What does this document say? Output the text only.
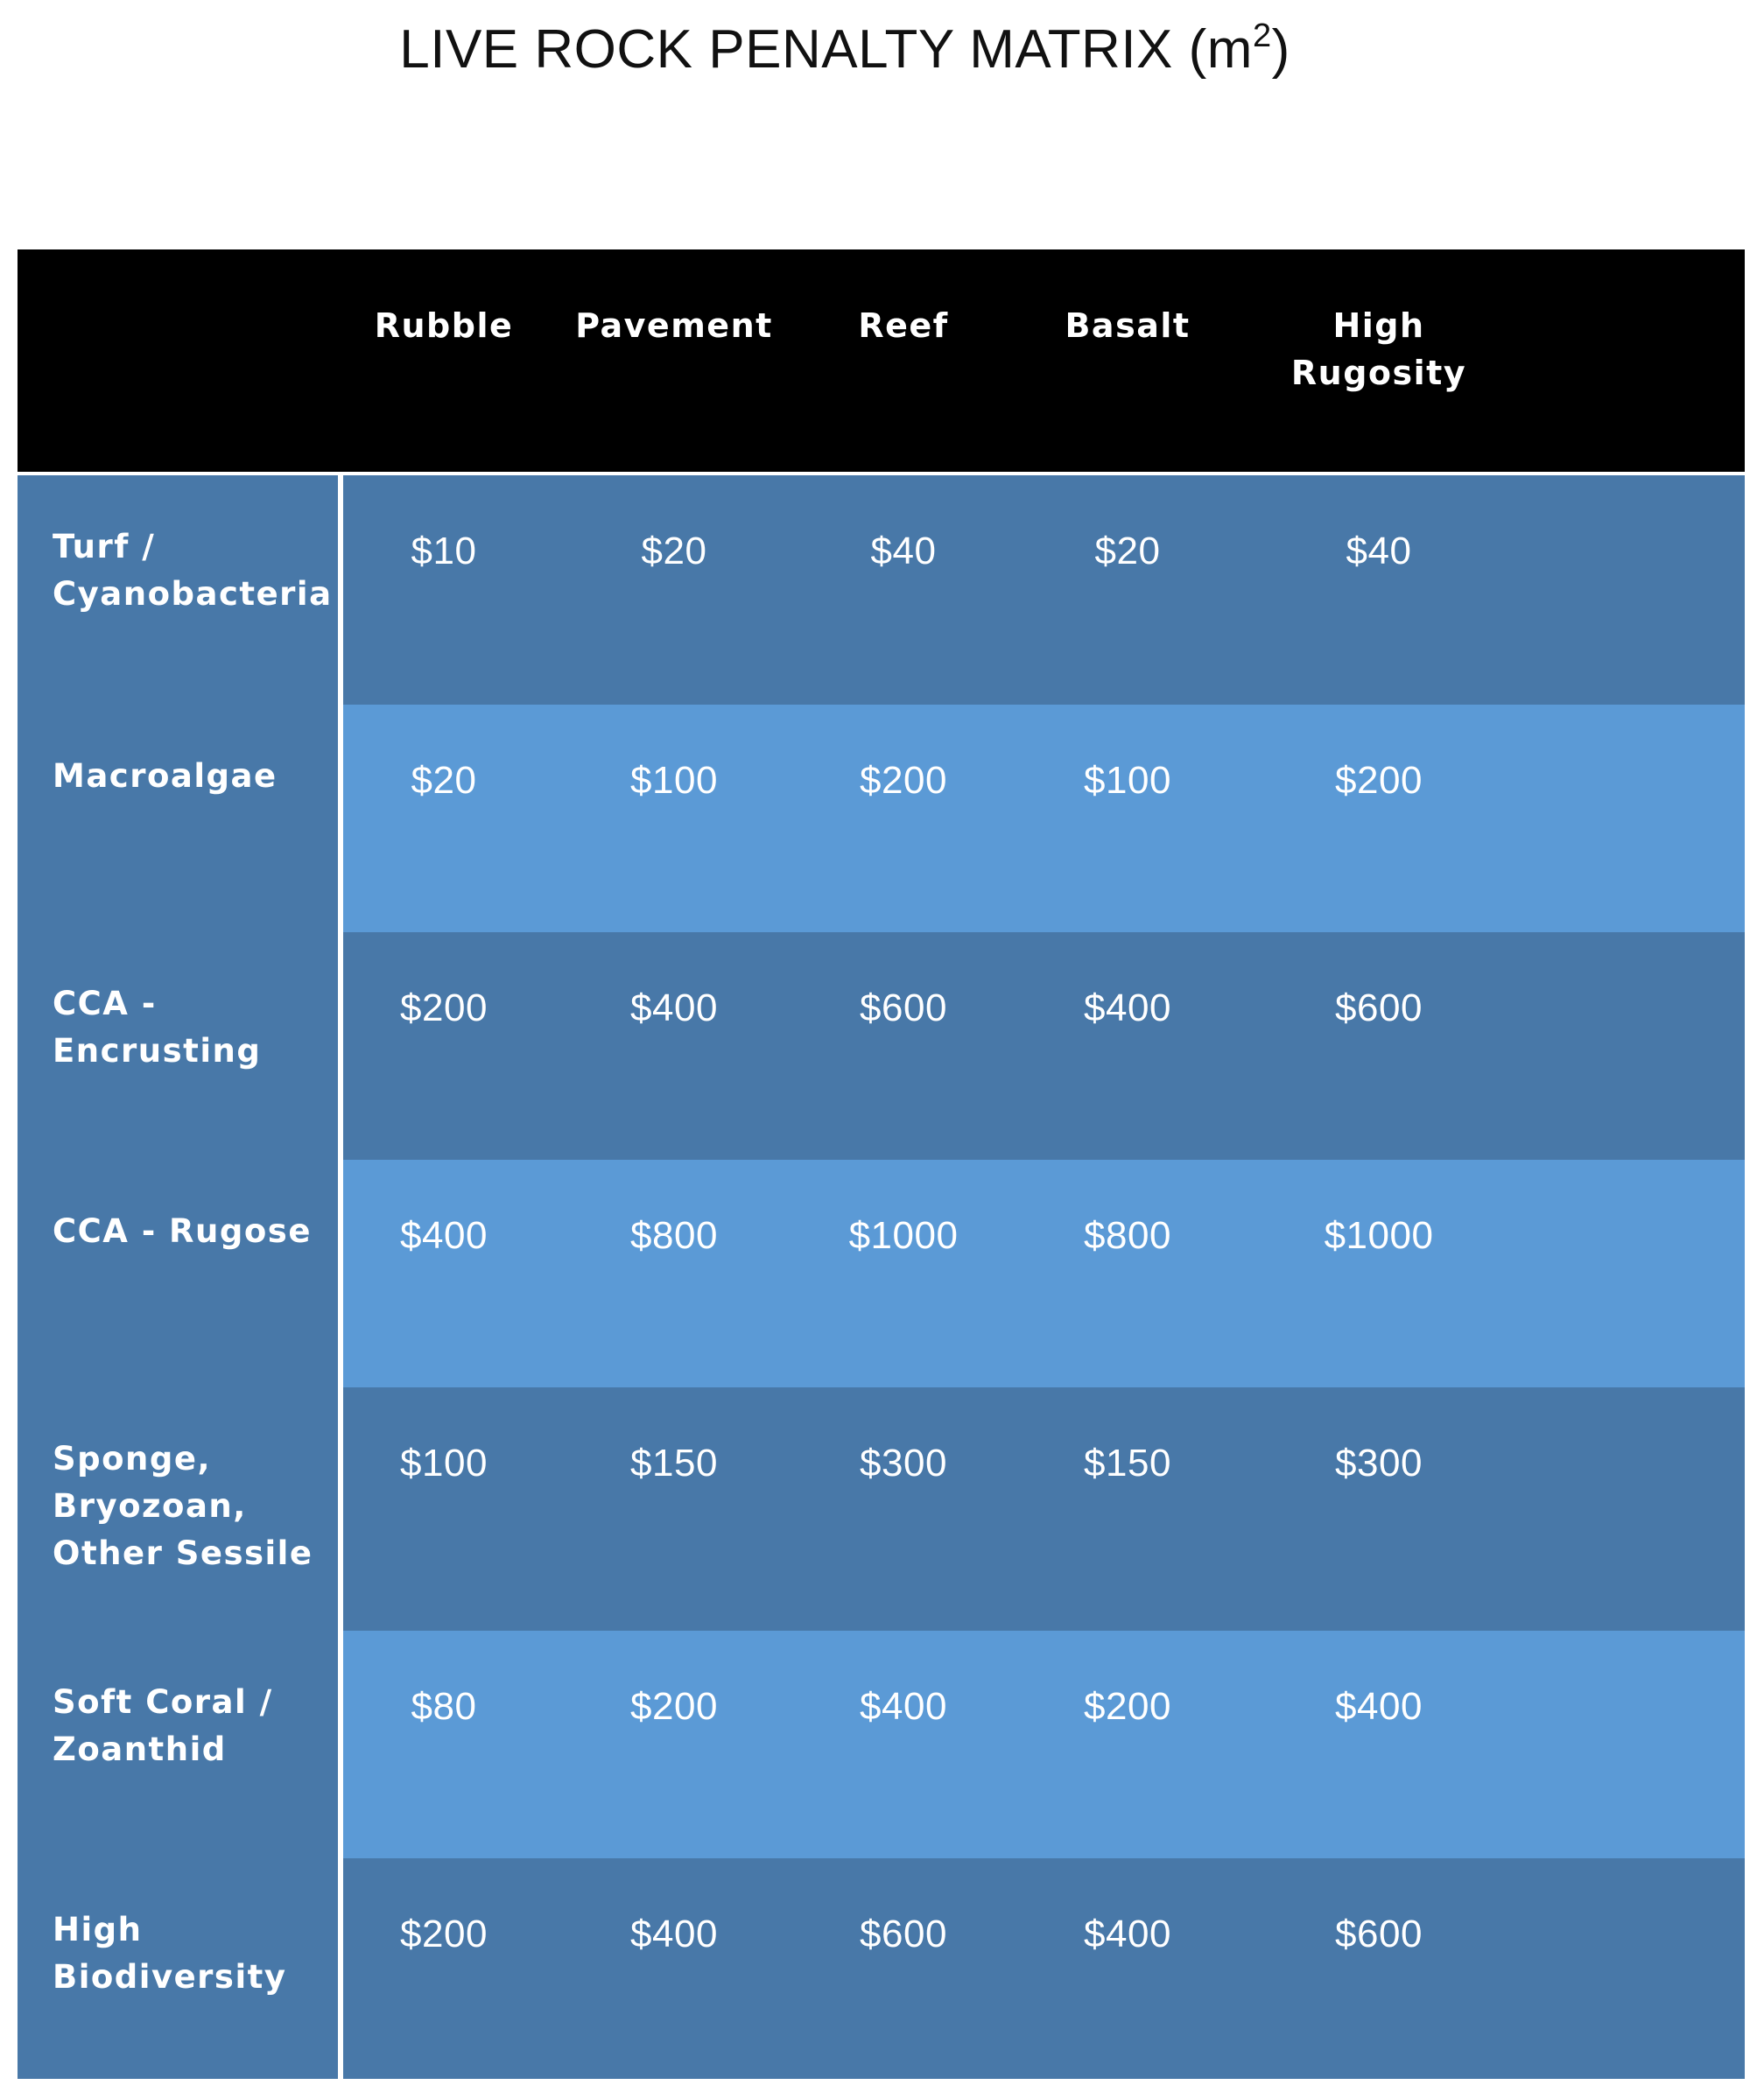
LIVE ROCK PENALTY MATRIX $(m^2)$
Rubble	Pavement	Reef	Basalt	High
Rugosity
Turf /
Cyanobacteria
$10	$20	$40	$20	$40
Macroalgae	$20	$100	$200	$100	$200
CCA -
Encrusting
$200	$400	$600	$400	$600
CCA - Rugose	$400	$800	$1000	$800	$1000
Sponge,
Bryozoan,
Other Sessile
$100	$150	$300	$150	$300
Soft Coral /
Zoanthid
$80	$200	$400	$200	$400
High
Biodiversity
$200	$400	$600	$400	$600
